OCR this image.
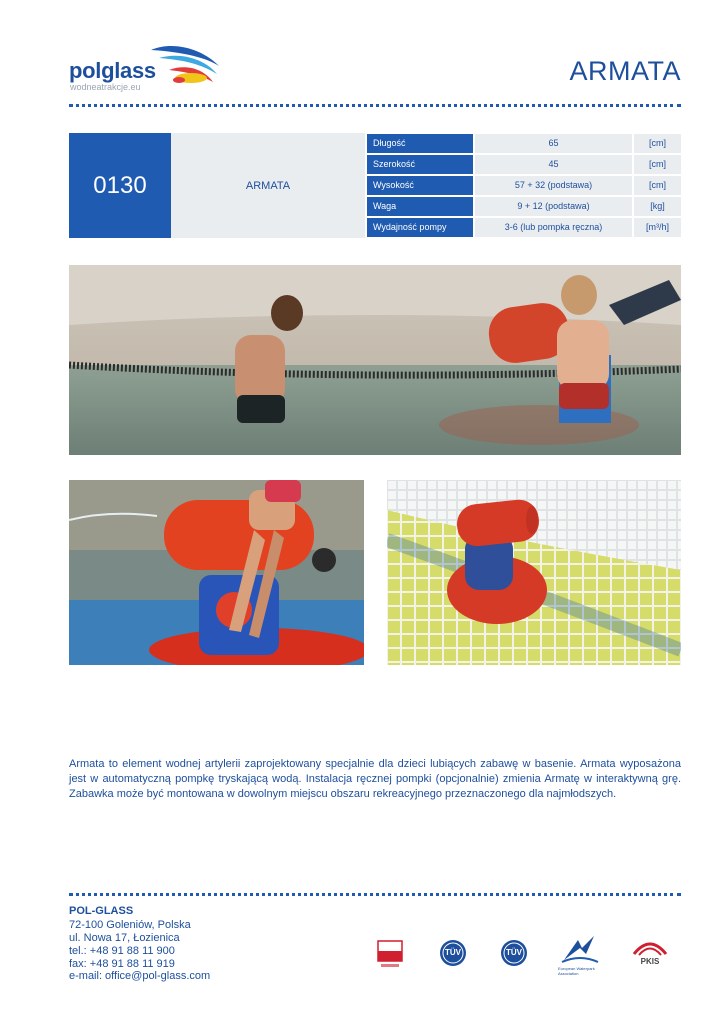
polglass
wodneatrakcje.eu
ARMATA
0130	ARMATA
Długość	65	[cm]
Szerokość	45	[cm]
Wysokość	57 + 32 (podstawa)	[cm]
Waga	9 + 12 (podstawa)	[kg]
Wydajność pompy	3-6 (lub pompka ręczna)	[m³/h]
Armata to element wodnej artylerii zaprojektowany specjalnie dla dzieci lubiących zabawę w basenie. Armata wyposażona jest w automatyczną pompkę tryskającą wodą. Instalacja ręcznej pompki (opcjonalnie) zmienia Armatę w interaktywną grę. Zabawka może być montowana w dowolnym miejscu obszaru rekreacyjnego przeznaczonego dla najmłodszych.
POL-GLASS
72-100 Goleniów, Polska
ul. Nowa 17, Łozienica
tel.: +48 91 88 11 900
fax: +48 91 88 11 919
e-mail: office@pol-glass.com
TÜV	TÜV
European Waterpark Association
PKIS
